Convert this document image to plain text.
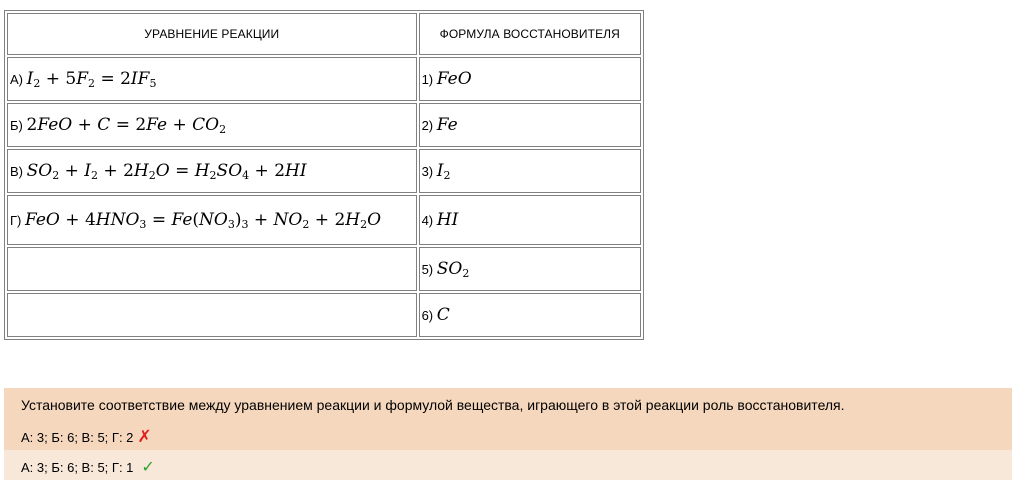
УРАВНЕНИЕ РЕАКЦИИ	ФОРМУЛА ВОССТАНОВИТЕЛЯ
А) $I_2 + 5F_2 = 2IF_5$	1) FeO
Б) $2FeO + C = 2Fe + CO_2$	2) Fe
В) $SO_2 + I_2 + 2H_2O = H_2SO_4 + 2HI$	3) $I_2$
Г) FeO + $4HNO_3 = Fe(NO_3)_3 + NO_2 + 2H_2O$	4) HI
	5) $SO_2$
	6) C
Установите соответствие между уравнением реакции и формулой вещества, играющего в этой реакции роль восстановителя.
А: 3; Б: 6; В: 5; Г: 2 ✗
А: 3; Б: 6; В: 5; Г: 1 ✓
